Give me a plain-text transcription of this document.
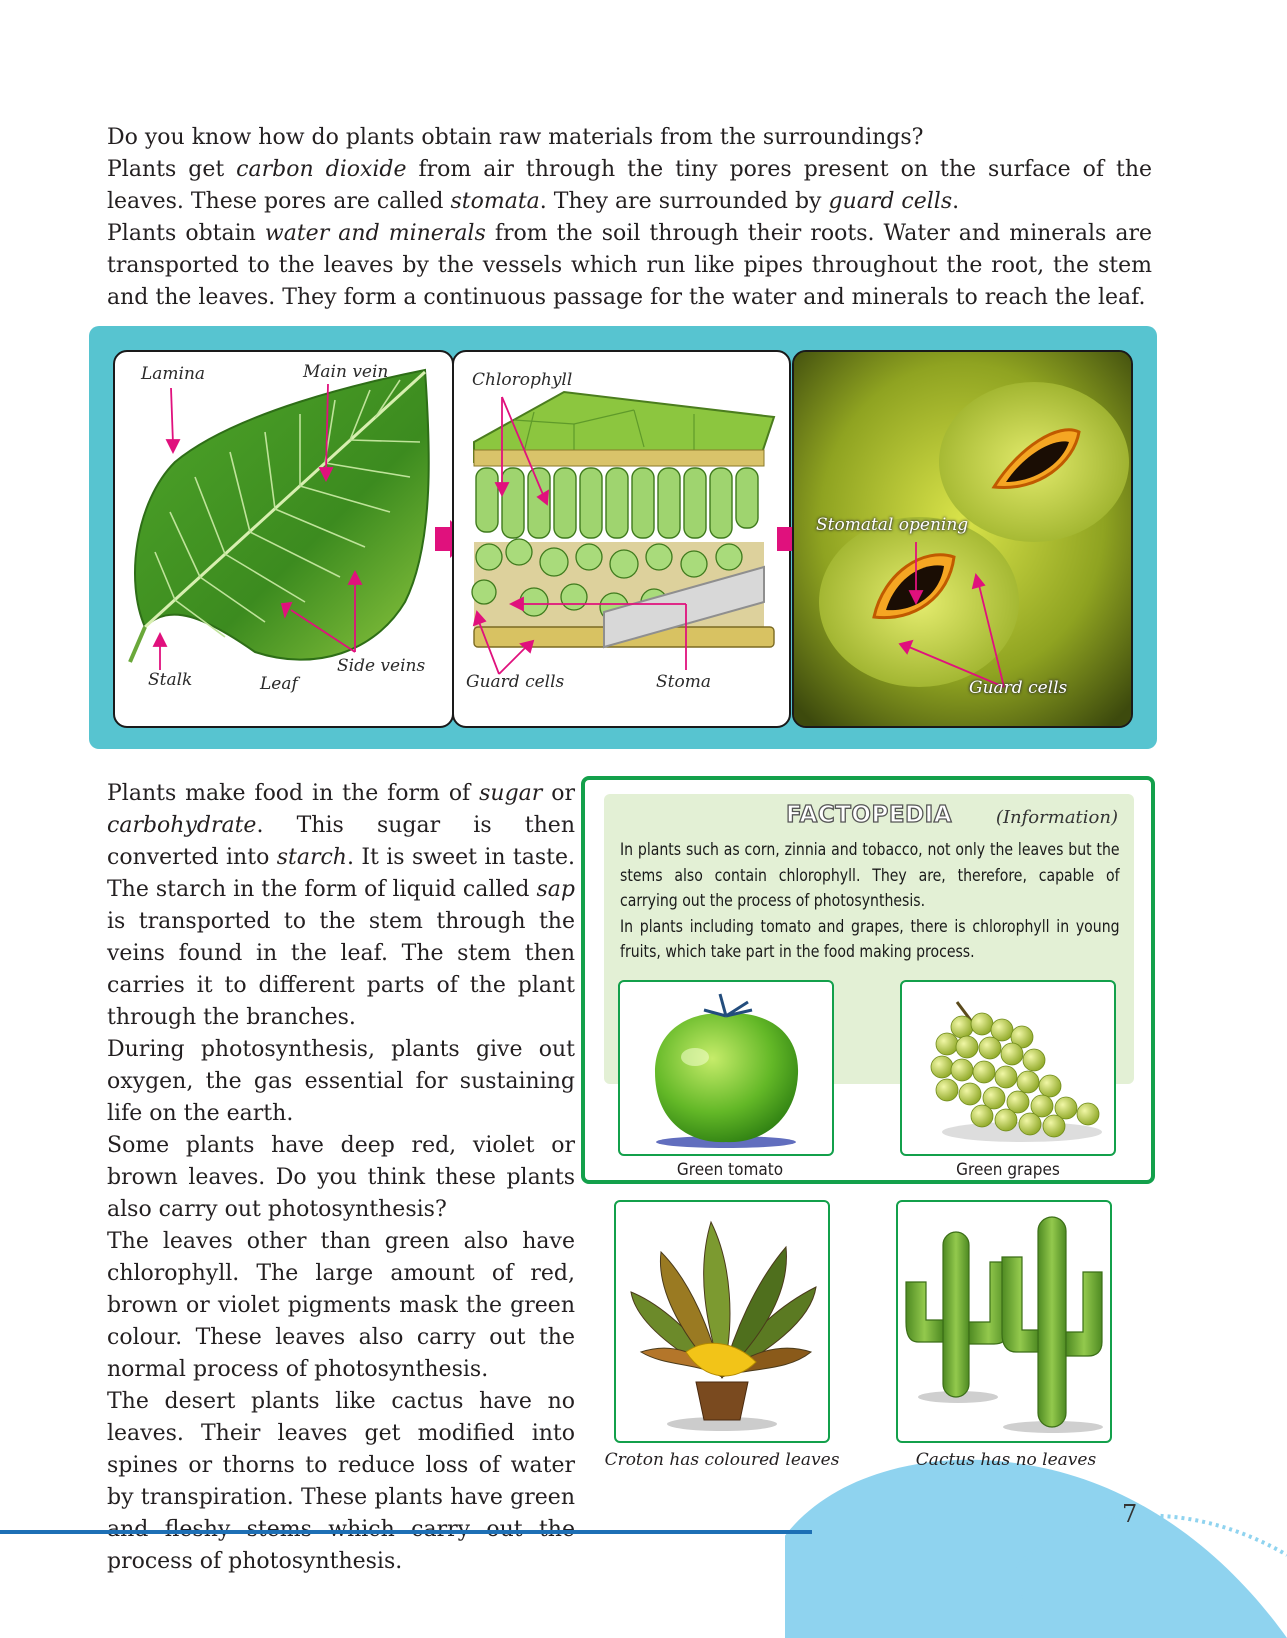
Do you know how do plants obtain raw materials from the surroundings?
Plants get carbon dioxide from air through the tiny pores present on the surface of the leaves. These pores are called stomata. They are surrounded by guard cells.
Plants obtain water and minerals from the soil through their roots. Water and minerals are transported to the leaves by the vessels which run like pipes throughout the root, the stem and the leaves. They form a continuous passage for the water and minerals to reach the leaf.
Lamina	Main vein
Stalk	Leaf
Side veins
Chlorophyll
Guard cells	Stoma
Stomatal opening
Guard cells

Plants make food in the form of sugar or carbohydrate. This sugar is then converted into starch. It is sweet in taste. The starch in the form of liquid called sap is transported to the stem through the veins found in the leaf. The stem then carries it to different parts of the plant through the branches.

During photosynthesis, plants give out oxygen, the gas essential for sustaining life on the earth.

Some plants have deep red, violet or brown leaves. Do you think these plants also carry out photosynthesis?

The leaves other than green also have chlorophyll. The large amount of red, brown or violet pigments mask the green colour. These leaves also carry out the normal process of photosynthesis.

The desert plants like cactus have no leaves. Their leaves get modified into spines or thorns to reduce loss of water by transpiration. These plants have green process of photosynthesis.

FACTOPEDIA	(Information)

In plants such as corn, zinnia and tobacco, not only the leaves but the stems also contain chlorophyll. They are, therefore, capable of carrying out the process of photosynthesis.

In plants including tomato and grapes, there is chlorophyll in young fruits, which take part in the food making process.

Green tomato	Green grapes
Croton has coloured leaves	Cactus has no leaves
7
